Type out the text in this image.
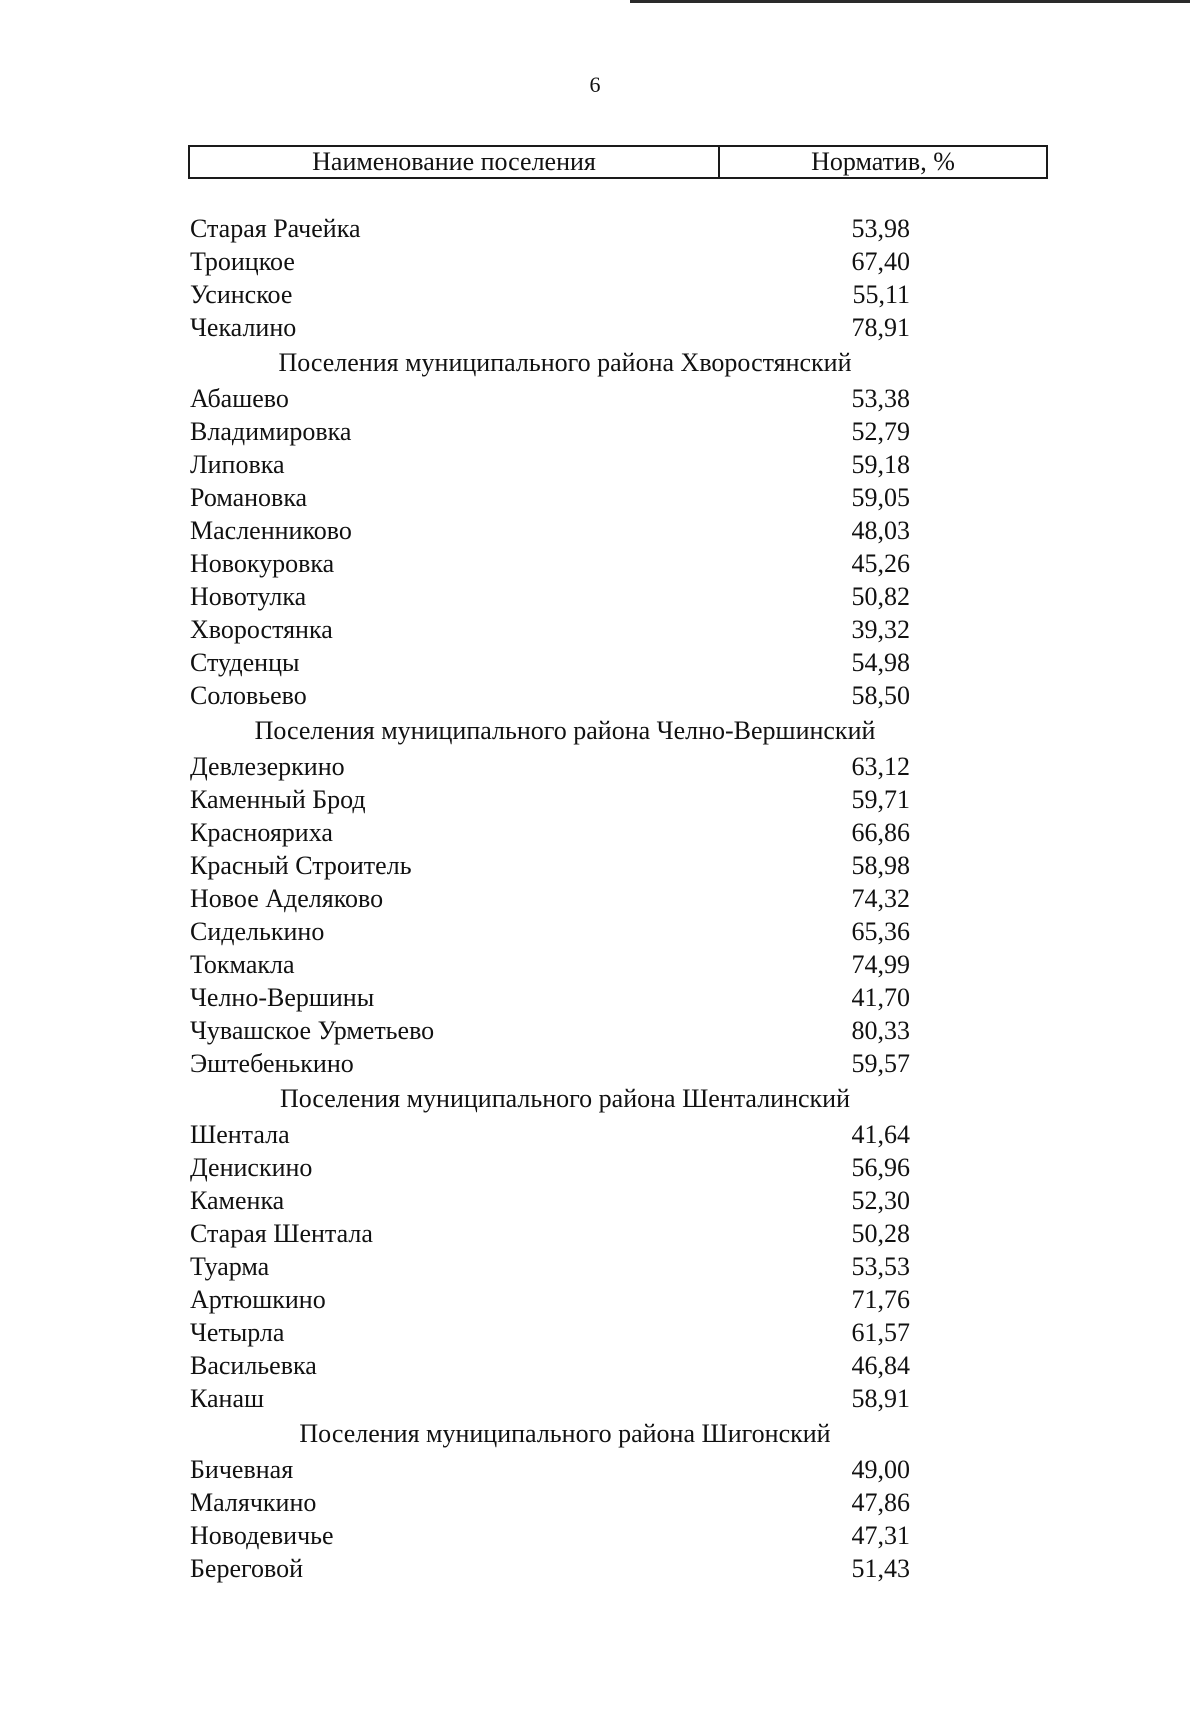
6
Наименование поселения	Норматив, %
Старая Рачейка	53,98
Троицкое	67,40
Усинское	55,11
Чекалино	78,91
Поселения муниципального района Хворостянский
Абашево	53,38
Владимировка	52,79
Липовка	59,18
Романовка	59,05
Масленниково	48,03
Новокуровка	45,26
Новотулка	50,82
Хворостянка	39,32
Студенцы	54,98
Соловьево	58,50
Поселения муниципального района Челно-Вершинский
Девлезеркино	63,12
Каменный Брод	59,71
Краснояриха	66,86
Красный Строитель	58,98
Новое Аделяково	74,32
Сиделькино	65,36
Токмакла	74,99
Челно-Вершины	41,70
Чувашское Урметьево	80,33
Эштебенькино	59,57
Поселения муниципального района Шенталинский
Шентала	41,64
Денискино	56,96
Каменка	52,30
Старая Шентала	50,28
Туарма	53,53
Артюшкино	71,76
Четырла	61,57
Васильевка	46,84
Канаш	58,91
Поселения муниципального района Шигонский
Бичевная	49,00
Малячкино	47,86
Новодевичье	47,31
Береговой	51,43
